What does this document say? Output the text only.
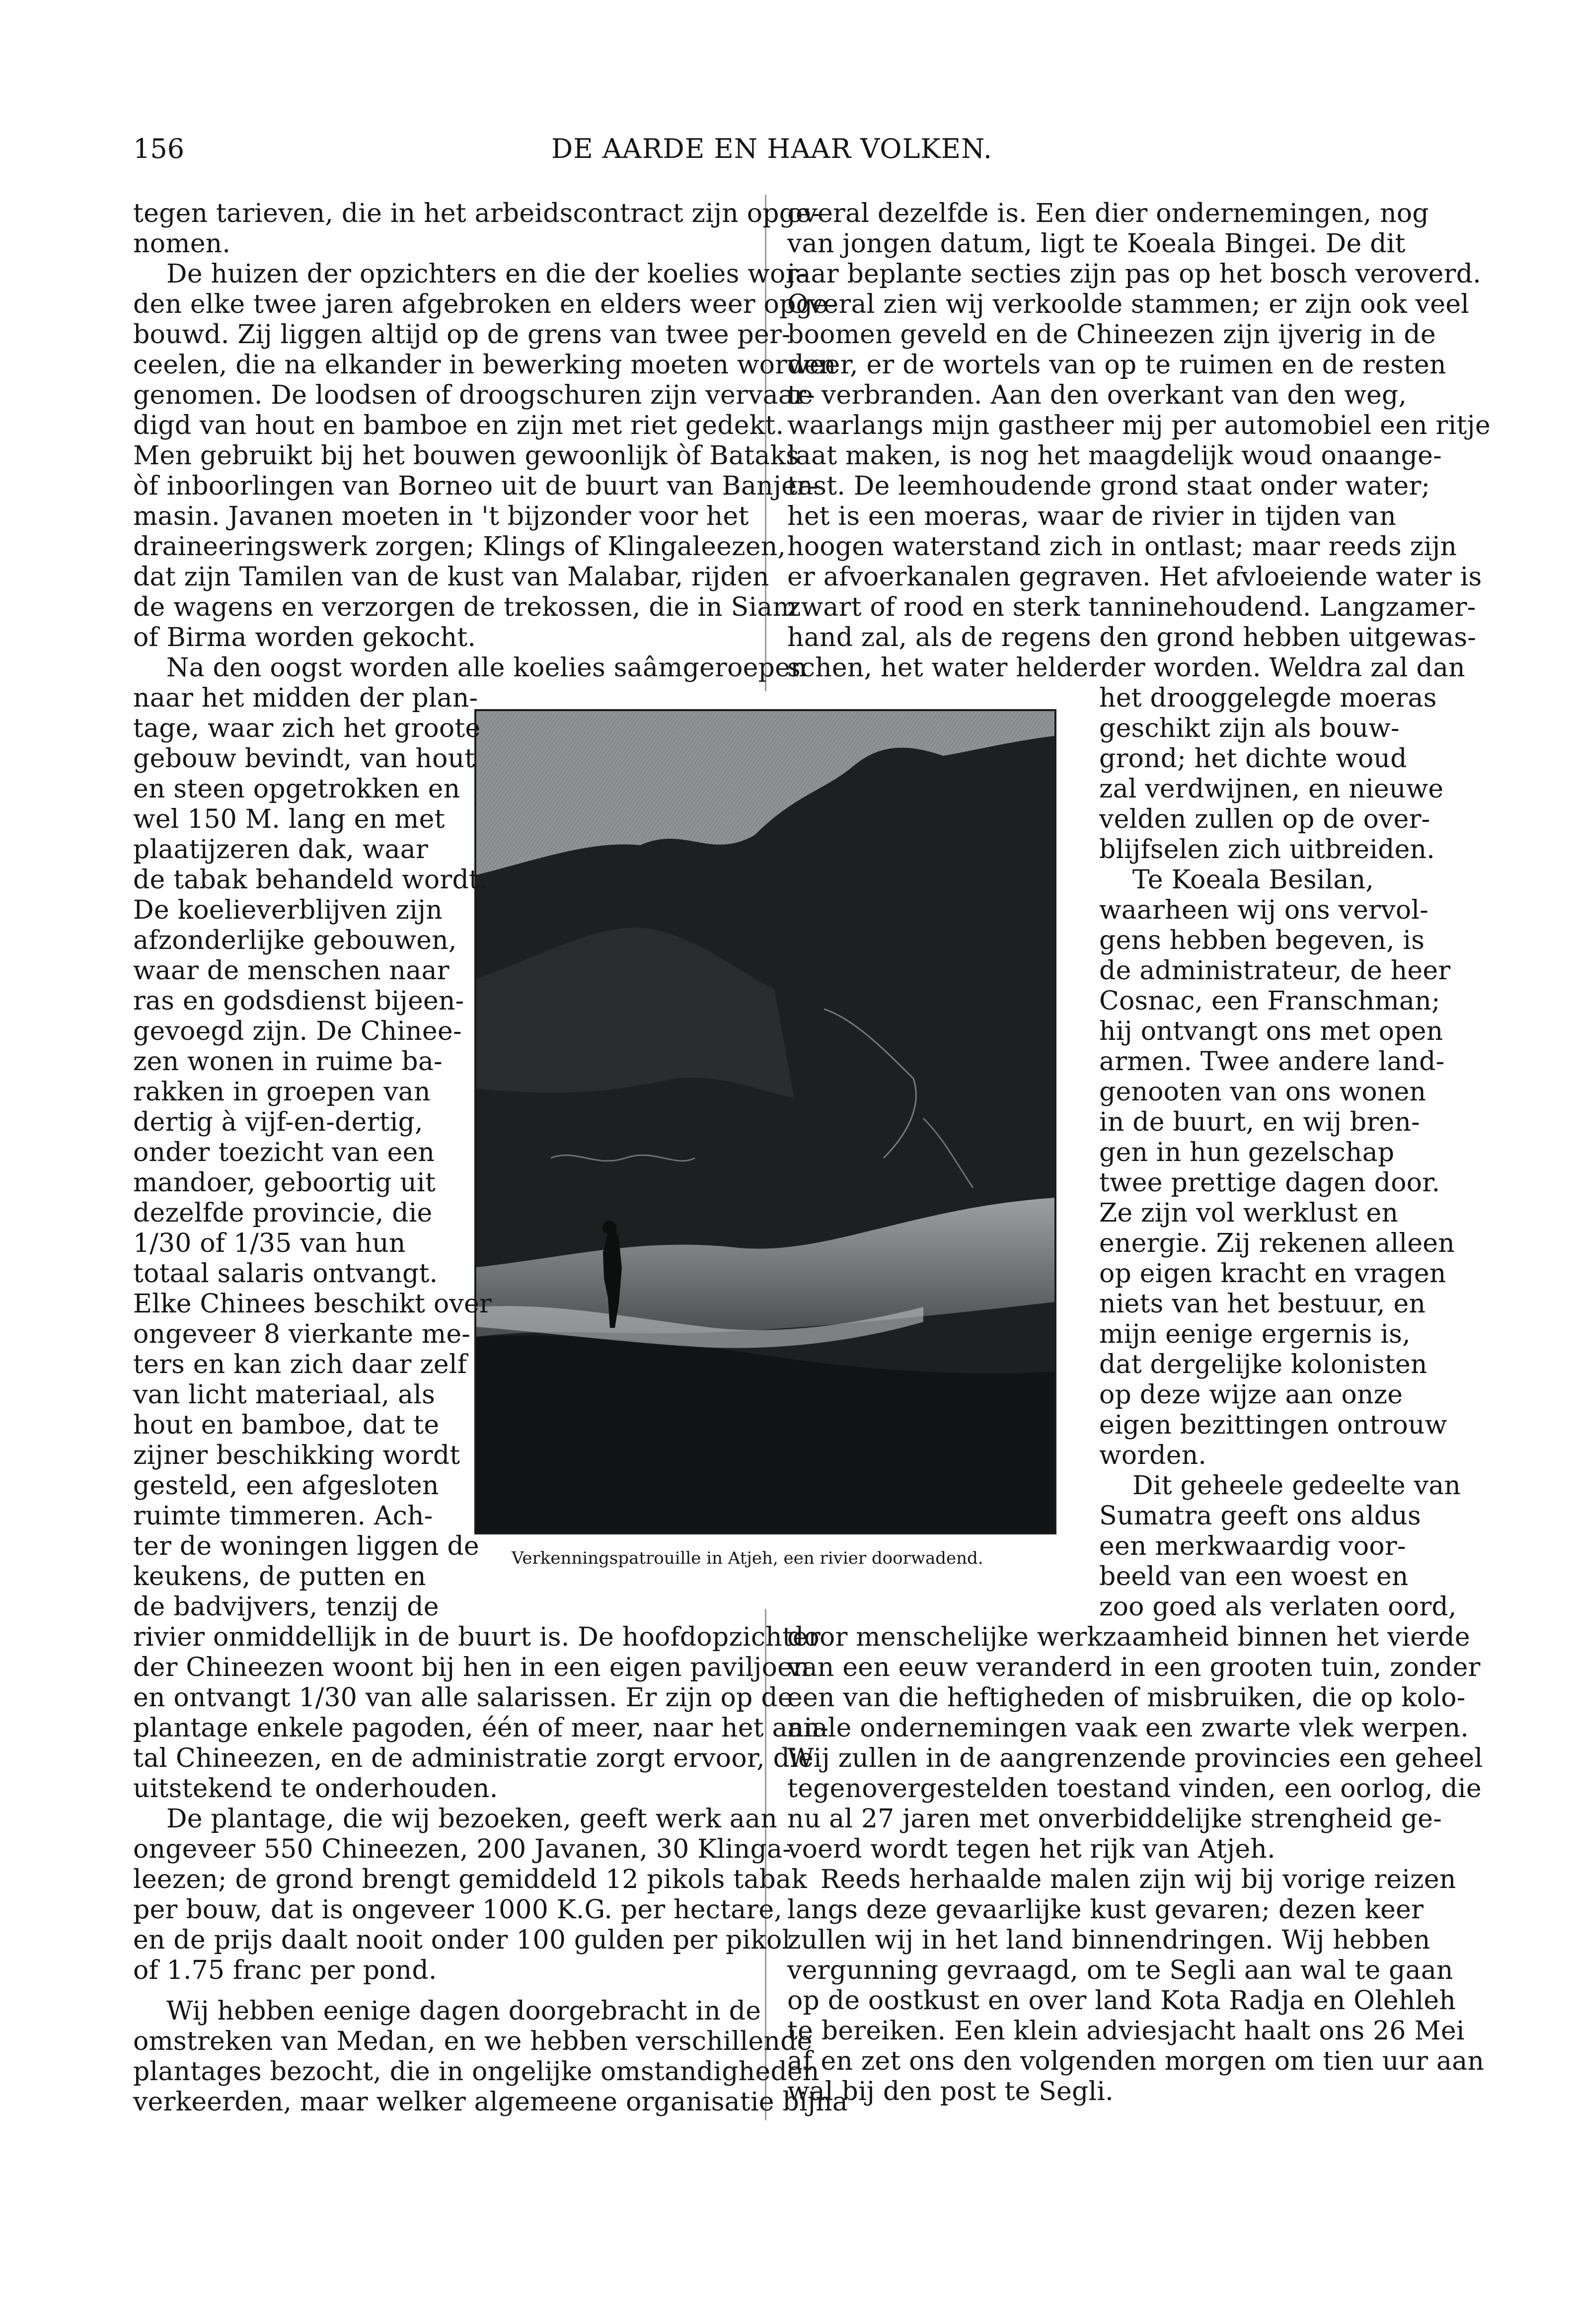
156	DE AARDE EN HAAR VOLKEN.
Verkenningspatrouille in Atjeh, een rivier doorwadend.
tegen tarieven, die in het arbeidscontract zijn opge-
nomen.
De huizen der opzichters en die der koelies wor-
den elke twee jaren afgebroken en elders weer opge-
bouwd. Zij liggen altijd op de grens van twee per-
ceelen, die na elkander in bewerking moeten worden
genomen. De loodsen of droogschuren zijn vervaar-
digd van hout en bamboe en zijn met riet gedekt.
Men gebruikt bij het bouwen gewoonlijk òf Bataks
òf inboorlingen van Borneo uit de buurt van Banjer-
masin. Javanen moeten in 't bijzonder voor het
draineeringswerk zorgen; Klings of Klingaleezen,
dat zijn Tamilen van de kust van Malabar, rijden
de wagens en verzorgen de trekossen, die in Siam
of Birma worden gekocht.
Na den oogst worden alle koelies saâmgeroepen
naar het midden der plan-
tage, waar zich het groote
gebouw bevindt, van hout
en steen opgetrokken en
wel 150 M. lang en met
plaatijzeren dak, waar
de tabak behandeld wordt.
De koelieverblijven zijn
afzonderlijke gebouwen,
waar de menschen naar
ras en godsdienst bijeen-
gevoegd zijn. De Chinee-
zen wonen in ruime ba-
rakken in groepen van
dertig à vijf-en-dertig,
onder toezicht van een
mandoer, geboortig uit
dezelfde provincie, die
1/30 of 1/35 van hun
totaal salaris ontvangt.
Elke Chinees beschikt over
ongeveer 8 vierkante me-
ters en kan zich daar zelf
van licht materiaal, als
hout en bamboe, dat te
zijner beschikking wordt
gesteld, een afgesloten
ruimte timmeren. Ach-
ter de woningen liggen de
keukens, de putten en
de badvijvers, tenzij de
rivier onmiddellijk in de buurt is. De hoofdopzichter
der Chineezen woont bij hen in een eigen paviljoen
en ontvangt 1/30 van alle salarissen. Er zijn op de
plantage enkele pagoden, één of meer, naar het aan-
tal Chineezen, en de administratie zorgt ervoor, die
uitstekend te onderhouden.
De plantage, die wij bezoeken, geeft werk aan
ongeveer 550 Chineezen, 200 Javanen, 30 Klinga-
leezen; de grond brengt gemiddeld 12 pikols tabak
per bouw, dat is ongeveer 1000 K.G. per hectare,
en de prijs daalt nooit onder 100 gulden per pikol
of 1.75 franc per pond.
Wij hebben eenige dagen doorgebracht in de
omstreken van Medan, en we hebben verschillende
plantages bezocht, die in ongelijke omstandigheden
verkeerden, maar welker algemeene organisatie bijna
overal dezelfde is. Een dier ondernemingen, nog
van jongen datum, ligt te Koeala Bingei. De dit
jaar beplante secties zijn pas op het bosch veroverd.
Overal zien wij verkoolde stammen; er zijn ook veel
boomen geveld en de Chineezen zijn ijverig in de
weer, er de wortels van op te ruimen en de resten
te verbranden. Aan den overkant van den weg,
waarlangs mijn gastheer mij per automobiel een ritje
laat maken, is nog het maagdelijk woud onaange-
tast. De leemhoudende grond staat onder water;
het is een moeras, waar de rivier in tijden van
hoogen waterstand zich in ontlast; maar reeds zijn
er afvoerkanalen gegraven. Het afvloeiende water is
zwart of rood en sterk tanninehoudend. Langzamer-
hand zal, als de regens den grond hebben uitgewas-
schen, het water helderder worden. Weldra zal dan
het drooggelegde moeras
geschikt zijn als bouw-
grond; het dichte woud
zal verdwijnen, en nieuwe
velden zullen op de over-
blijfselen zich uitbreiden.
Te Koeala Besilan,
waarheen wij ons vervol-
gens hebben begeven, is
de administrateur, de heer
Cosnac, een Franschman;
hij ontvangt ons met open
armen. Twee andere land-
genooten van ons wonen
in de buurt, en wij bren-
gen in hun gezelschap
twee prettige dagen door.
Ze zijn vol werklust en
energie. Zij rekenen alleen
op eigen kracht en vragen
niets van het bestuur, en
mijn eenige ergernis is,
dat dergelijke kolonisten
op deze wijze aan onze
eigen bezittingen ontrouw
worden.
Dit geheele gedeelte van
Sumatra geeft ons aldus
een merkwaardig voor-
beeld van een woest en
zoo goed als verlaten oord,
door menschelijke werkzaamheid binnen het vierde
van een eeuw veranderd in een grooten tuin, zonder
een van die heftigheden of misbruiken, die op kolo-
niale ondernemingen vaak een zwarte vlek werpen.
Wij zullen in de aangrenzende provincies een geheel
tegenovergestelden toestand vinden, een oorlog, die
nu al 27 jaren met onverbiddelijke strengheid ge-
voerd wordt tegen het rijk van Atjeh.
Reeds herhaalde malen zijn wij bij vorige reizen
langs deze gevaarlijke kust gevaren; dezen keer
zullen wij in het land binnendringen. Wij hebben
vergunning gevraagd, om te Segli aan wal te gaan
op de oostkust en over land Kota Radja en Olehleh
te bereiken. Een klein adviesjacht haalt ons 26 Mei
af en zet ons den volgenden morgen om tien uur aan
wal bij den post te Segli.
